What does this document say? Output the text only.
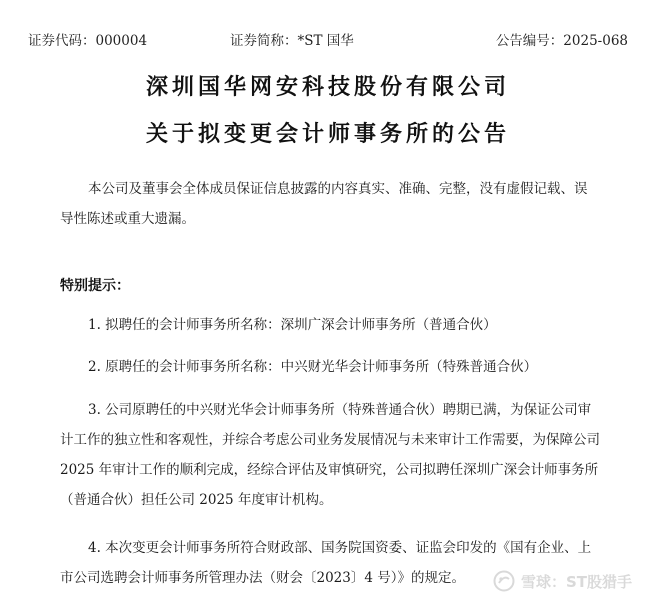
证券代码：000004	证券简称：*ST 国华	公告编号：2025-068
深圳国华网安科技股份有限公司
关于拟变更会计师事务所的公告
本公司及董事会全体成员保证信息披露的内容真实、准确、完整，没有虚假记载、误导性陈述或重大遗漏。
特别提示：
1. 拟聘任的会计师事务所名称：深圳广深会计师事务所（普通合伙）
2. 原聘任的会计师事务所名称：中兴财光华会计师事务所（特殊普通合伙）
3. 公司原聘任的中兴财光华会计师事务所（特殊普通合伙）聘期已满，为保证公司审计工作的独立性和客观性，并综合考虑公司业务发展情况与未来审计工作需要，为保障公司 2025 年审计工作的顺利完成，经综合评估及审慎研究，公司拟聘任深圳广深会计师事务所（普通合伙）担任公司 2025 年度审计机构。
4. 本次变更会计师事务所符合财政部、国务院国资委、证监会印发的《国有企业、上市公司选聘会计师事务所管理办法（财会〔2023〕4 号）》的规定。	雪球：ST股猎手
